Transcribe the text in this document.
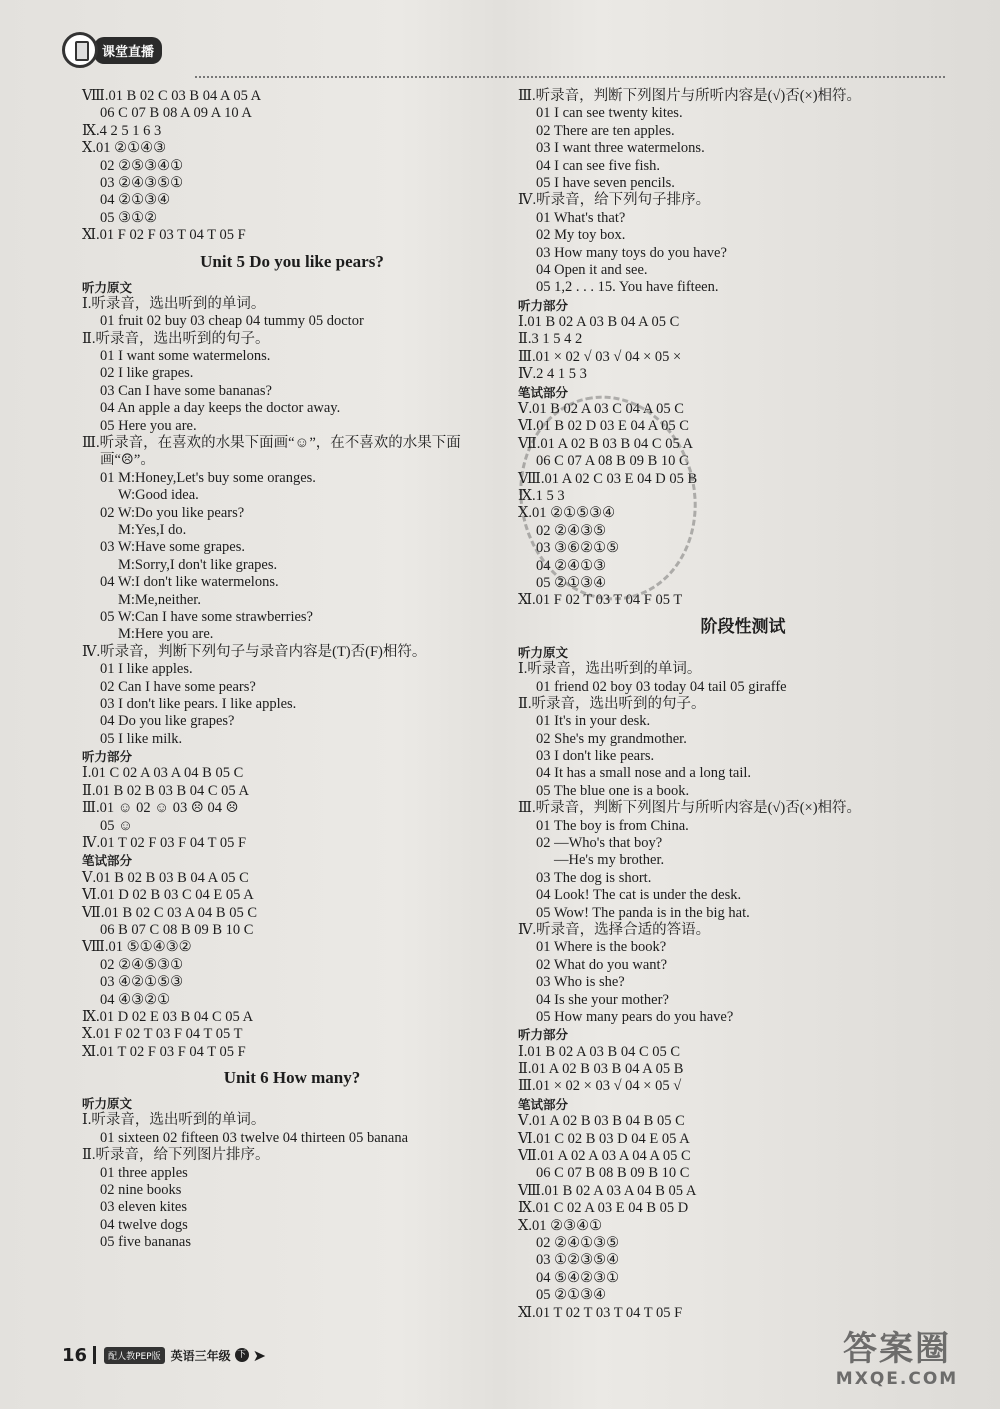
课堂直播
Ⅷ.01 B 02 C 03 B 04 A 05 A
06 C 07 B 08 A 09 A 10 A
Ⅸ.4 2 5 1 6 3
Ⅹ.01 ②①④③
02 ②⑤③④①
03 ②④③⑤①
04 ②①③④
05 ③①②
Ⅺ.01 F 02 F 03 T 04 T 05 F
Unit 5 Do you like pears?
听力原文
Ⅰ.听录音，选出听到的单词。
01 fruit 02 buy 03 cheap 04 tummy 05 doctor
Ⅱ.听录音，选出听到的句子。
01 I want some watermelons.
02 I like grapes.
03 Can I have some bananas?
04 An apple a day keeps the doctor away.
05 Here you are.
Ⅲ.听录音，在喜欢的水果下面画“☺”，在不喜欢的水果下面
画“☹”。
01 M:Honey,Let's buy some oranges.
W:Good idea.
02 W:Do you like pears?
M:Yes,I do.
03 W:Have some grapes.
M:Sorry,I don't like grapes.
04 W:I don't like watermelons.
M:Me,neither.
05 W:Can I have some strawberries?
M:Here you are.
Ⅳ.听录音，判断下列句子与录音内容是(T)否(F)相符。
01 I like apples.
02 Can I have some pears?
03 I don't like pears. I like apples.
04 Do you like grapes?
05 I like milk.
听力部分
Ⅰ.01 C 02 A 03 A 04 B 05 C
Ⅱ.01 B 02 B 03 B 04 C 05 A
Ⅲ.01 ☺ 02 ☺ 03 ☹ 04 ☹
05 ☺
Ⅳ.01 T 02 F 03 F 04 T 05 F
笔试部分
Ⅴ.01 B 02 B 03 B 04 A 05 C
Ⅵ.01 D 02 B 03 C 04 E 05 A
Ⅶ.01 B 02 C 03 A 04 B 05 C
06 B 07 C 08 B 09 B 10 C
Ⅷ.01 ⑤①④③②
02 ②④⑤③①
03 ④②①⑤③
04 ④③②①
Ⅸ.01 D 02 E 03 B 04 C 05 A
Ⅹ.01 F 02 T 03 F 04 T 05 T
Ⅺ.01 T 02 F 03 F 04 T 05 F
Unit 6 How many?
听力原文
Ⅰ.听录音，选出听到的单词。
01 sixteen 02 fifteen 03 twelve 04 thirteen 05 banana
Ⅱ.听录音，给下列图片排序。
01 three apples
02 nine books
03 eleven kites
04 twelve dogs
05 five bananas
Ⅲ.听录音，判断下列图片与所听内容是(√)否(×)相符。
01 I can see twenty kites.
02 There are ten apples.
03 I want three watermelons.
04 I can see five fish.
05 I have seven pencils.
Ⅳ.听录音，给下列句子排序。
01 What's that?
02 My toy box.
03 How many toys do you have?
04 Open it and see.
05 1,2 . . . 15. You have fifteen.
听力部分
Ⅰ.01 B 02 A 03 B 04 A 05 C
Ⅱ.3 1 5 4 2
Ⅲ.01 × 02 √ 03 √ 04 × 05 ×
Ⅳ.2 4 1 5 3
笔试部分
Ⅴ.01 B 02 A 03 C 04 A 05 C
Ⅵ.01 B 02 D 03 E 04 A 05 C
Ⅶ.01 A 02 B 03 B 04 C 05 A
06 C 07 A 08 B 09 B 10 C
Ⅷ.01 A 02 C 03 E 04 D 05 B
Ⅸ.1 5 3
Ⅹ.01 ②①⑤③④
02 ②④③⑤
03 ③⑥②①⑤
04 ②④①③
05 ②①③④
Ⅺ.01 F 02 T 03 T 04 F 05 T
阶段性测试
听力原文
Ⅰ.听录音，选出听到的单词。
01 friend 02 boy 03 today 04 tail 05 giraffe
Ⅱ.听录音，选出听到的句子。
01 It's in your desk.
02 She's my grandmother.
03 I don't like pears.
04 It has a small nose and a long tail.
05 The blue one is a book.
Ⅲ.听录音，判断下列图片与所听内容是(√)否(×)相符。
01 The boy is from China.
02 —Who's that boy?
—He's my brother.
03 The dog is short.
04 Look! The cat is under the desk.
05 Wow! The panda is in the big hat.
Ⅳ.听录音，选择合适的答语。
01 Where is the book?
02 What do you want?
03 Who is she?
04 Is she your mother?
05 How many pears do you have?
听力部分
Ⅰ.01 B 02 A 03 B 04 C 05 C
Ⅱ.01 A 02 B 03 B 04 A 05 B
Ⅲ.01 × 02 × 03 √ 04 × 05 √
笔试部分
Ⅴ.01 A 02 B 03 B 04 B 05 C
Ⅵ.01 C 02 B 03 D 04 E 05 A
Ⅶ.01 A 02 A 03 A 04 A 05 C
06 C 07 B 08 B 09 B 10 C
Ⅷ.01 B 02 A 03 A 04 B 05 A
Ⅸ.01 C 02 A 03 E 04 B 05 D
Ⅹ.01 ②③④①
02 ②④①③⑤
03 ①②③⑤④
04 ⑤④②③①
05 ②①③④
Ⅺ.01 T 02 T 03 T 04 T 05 F
16	配人教PEP版 英语三年级 下 ➤	答案圈
MXQE.COM
